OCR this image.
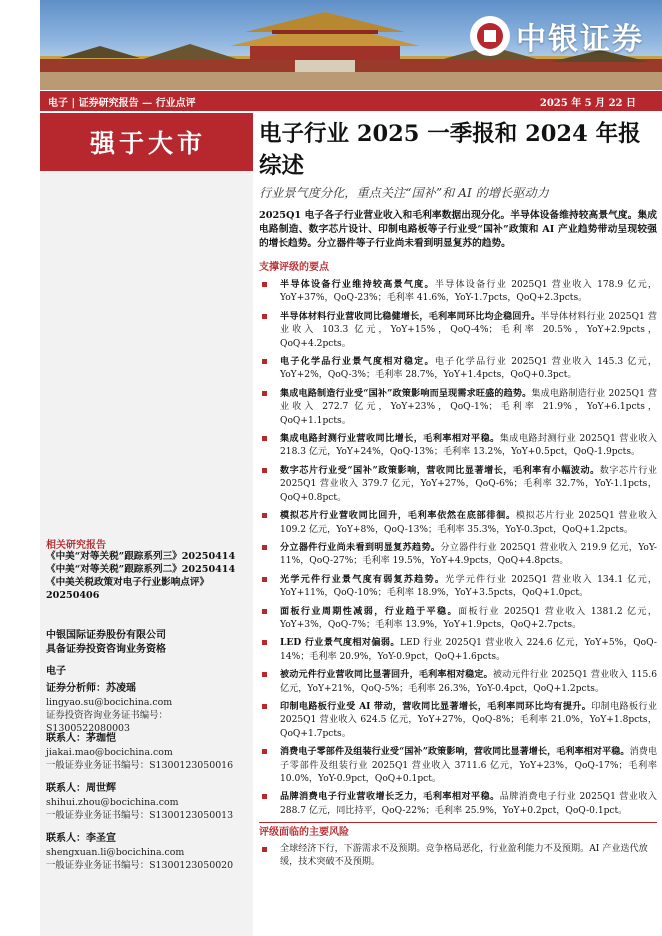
中银证券
电子 | 证券研究报告 — 行业点评	2025 年 5 月 22 日
强于大市
相关研究报告
《中美“对等关税”跟踪系列三》20250414
《中美“对等关税”跟踪系列二》20250414
《中美关税政策对电子行业影响点评》20250406
中银国际证券股份有限公司
具备证券投资咨询业务资格
电子
证券分析师：苏凌瑶
lingyao.su@bocichina.com
证券投资咨询业务证书编号：S1300522080003
联系人：茅珈恺
jiakai.mao@bocichina.com
一般证券业务证书编号：S1300123050016
联系人：周世辉
shihui.zhou@bocichina.com
一般证券业务证书编号：S1300123050013
联系人：李圣宣
shengxuan.li@bocichina.com
一般证券业务证书编号：S1300123050020
电子行业 2025 一季报和 2024 年报综述
行业景气度分化，重点关注“国补”和 AI 的增长驱动力
2025Q1 电子各子行业营业收入和毛利率数据出现分化。半导体设备维持较高景气度。集成电路制造、数字芯片设计、印制电路板等子行业受“国补”政策和 AI 产业趋势带动呈现较强的增长趋势。分立器件等子行业尚未看到明显复苏的趋势。
支撑评级的要点
半导体设备行业维持较高景气度。半导体设备行业 2025Q1 营业收入 178.9 亿元，YoY+37%，QoQ-23%；毛利率 41.6%，YoY-1.7pcts，QoQ+2.3pcts。
半导体材料行业营收同比稳健增长，毛利率同环比均企稳回升。半导体材料行业 2025Q1 营业收入 103.3 亿元，YoY+15%，QoQ-4%；毛利率 20.5%，YoY+2.9pcts，QoQ+4.2pcts。
电子化学品行业景气度相对稳定。电子化学品行业 2025Q1 营业收入 145.3 亿元，YoY+2%，QoQ-3%；毛利率 28.7%，YoY+1.4pcts，QoQ+0.3pct。
集成电路制造行业受“国补”政策影响而呈现需求旺盛的趋势。集成电路制造行业 2025Q1 营业收入 272.7 亿元，YoY+23%，QoQ-1%；毛利率 21.9%，YoY+6.1pcts，QoQ+1.1pcts。
集成电路封测行业营收同比增长，毛利率相对平稳。集成电路封测行业 2025Q1 营业收入 218.3 亿元，YoY+24%，QoQ-13%；毛利率 13.2%，YoY+0.5pct，QoQ-1.9pcts。
数字芯片行业受“国补”政策影响，营收同比显著增长，毛利率有小幅波动。数字芯片行业 2025Q1 营业收入 379.7 亿元，YoY+27%，QoQ-6%；毛利率 32.7%，YoY-1.1pcts，QoQ+0.8pct。
模拟芯片行业营收同比回升，毛利率依然在底部徘徊。模拟芯片行业 2025Q1 营业收入 109.2 亿元，YoY+8%，QoQ-13%；毛利率 35.3%，YoY-0.3pct，QoQ+1.2pcts。
分立器件行业尚未看到明显复苏趋势。分立器件行业 2025Q1 营业收入 219.9 亿元，YoY-11%，QoQ-27%；毛利率 19.5%，YoY+4.9pcts，QoQ+4.8pcts。
光学元件行业景气度有弱复苏趋势。光学元件行业 2025Q1 营业收入 134.1 亿元，YoY+11%，QoQ-10%；毛利率 18.9%，YoY+3.5pcts，QoQ+1.0pct。
面板行业周期性减弱，行业趋于平稳。面板行业 2025Q1 营业收入 1381.2 亿元，YoY+3%，QoQ-7%；毛利率 13.9%，YoY+1.9pcts，QoQ+2.7pcts。
LED 行业景气度相对偏弱。LED 行业 2025Q1 营业收入 224.6 亿元，YoY+5%，QoQ-14%；毛利率 20.9%，YoY-0.9pct，QoQ+1.6pcts。
被动元件行业营收同比显著回升，毛利率相对稳定。被动元件行业 2025Q1 营业收入 115.6 亿元，YoY+21%，QoQ-5%；毛利率 26.3%，YoY-0.4pct，QoQ+1.2pcts。
印制电路板行业受 AI 带动，营收同比显著增长，毛利率同环比均有提升。印制电路板行业 2025Q1 营业收入 624.5 亿元，YoY+27%，QoQ-8%；毛利率 21.0%，YoY+1.8pcts，QoQ+1.7pcts。
消费电子零部件及组装行业受“国补”政策影响，营收同比显著增长，毛利率相对平稳。消费电子零部件及组装行业 2025Q1 营业收入 3711.6 亿元，YoY+23%，QoQ-17%；毛利率 10.0%，YoY-0.9pct，QoQ+0.1pct。
品牌消费电子行业营收增长乏力，毛利率相对平稳。品牌消费电子行业 2025Q1 营业收入 288.7 亿元，同比持平，QoQ-22%；毛利率 25.9%，YoY+0.2pct，QoQ-0.1pct。
评级面临的主要风险
全球经济下行，下游需求不及预期。竞争格局恶化，行业盈利能力不及预期。AI 产业迭代放缓，技术突破不及预期。
